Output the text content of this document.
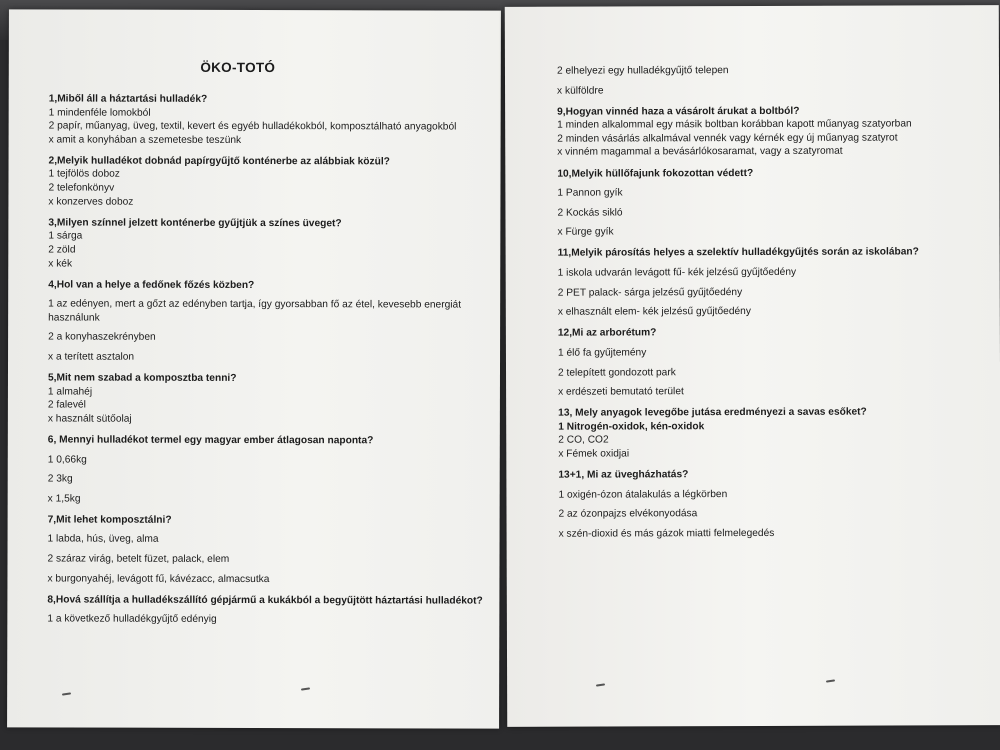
ÖKO-TOTÓ
1,Miből áll a háztartási hulladék?
1 mindenféle lomokból
2 papír, műanyag, üveg, textil, kevert és egyéb hulladékokból, komposztálható anyagokból
x amit a konyhában a szemetesbe teszünk
2,Melyik hulladékot dobnád papírgyűjtő konténerbe az alábbiak közül?
1 tejfölös doboz
2 telefonkönyv
x konzerves doboz
3,Milyen színnel jelzett konténerbe gyűjtjük a színes üveget?
1 sárga
2 zöld
x kék
4,Hol van a helye a fedőnek főzés közben?
1 az edényen, mert a gőzt az edényben tartja, így gyorsabban fő az étel, kevesebb energiát használunk
2 a konyhaszekrényben
x a terített asztalon
5,Mit nem szabad a komposztba tenni?
1 almahéj
2 falevél
x használt sütőolaj
6, Mennyi hulladékot termel egy magyar ember átlagosan naponta?
1 0,66kg
2 3kg
x 1,5kg
7,Mit lehet komposztálni?
1 labda, hús, üveg, alma
2 száraz virág, betelt füzet, palack, elem
x burgonyahéj, levágott fű, kávézacc, almacsutka
8,Hová szállítja a hulladékszállító gépjármű a kukákból a begyűjtött háztartási hulladékot?
1 a következő hulladékgyűjtő edényig
2 elhelyezi egy hulladékgyűjtő telepen
x külföldre
9,Hogyan vinnéd haza a vásárolt árukat a boltból?
1 minden alkalommal egy másik boltban korábban kapott műanyag szatyorban
2 minden vásárlás alkalmával vennék vagy kérnék egy új műanyag szatyrot
x vinném magammal a bevásárlókosaramat, vagy a szatyromat
10,Melyik hüllőfajunk fokozottan védett?
1 Pannon gyík
2 Kockás sikló
x Fürge gyík
11,Melyik párosítás helyes a szelektív hulladékgyűjtés során az iskolában?
1 iskola udvarán levágott fű- kék jelzésű gyűjtőedény
2 PET palack- sárga jelzésű gyűjtőedény
x elhasznált elem- kék jelzésű gyűjtőedény
12,Mi az arborétum?
1 élő fa gyűjtemény
2 telepített gondozott park
x erdészeti bemutató terület
13, Mely anyagok levegőbe jutása eredményezi a savas esőket?
1 Nitrogén-oxidok, kén-oxidok
2 CO, CO2
x Fémek oxidjai
13+1, Mi az üvegházhatás?
1 oxigén-ózon átalakulás a légkörben
2 az ózonpajzs elvékonyodása
x szén-dioxid és más gázok miatti felmelegedés
